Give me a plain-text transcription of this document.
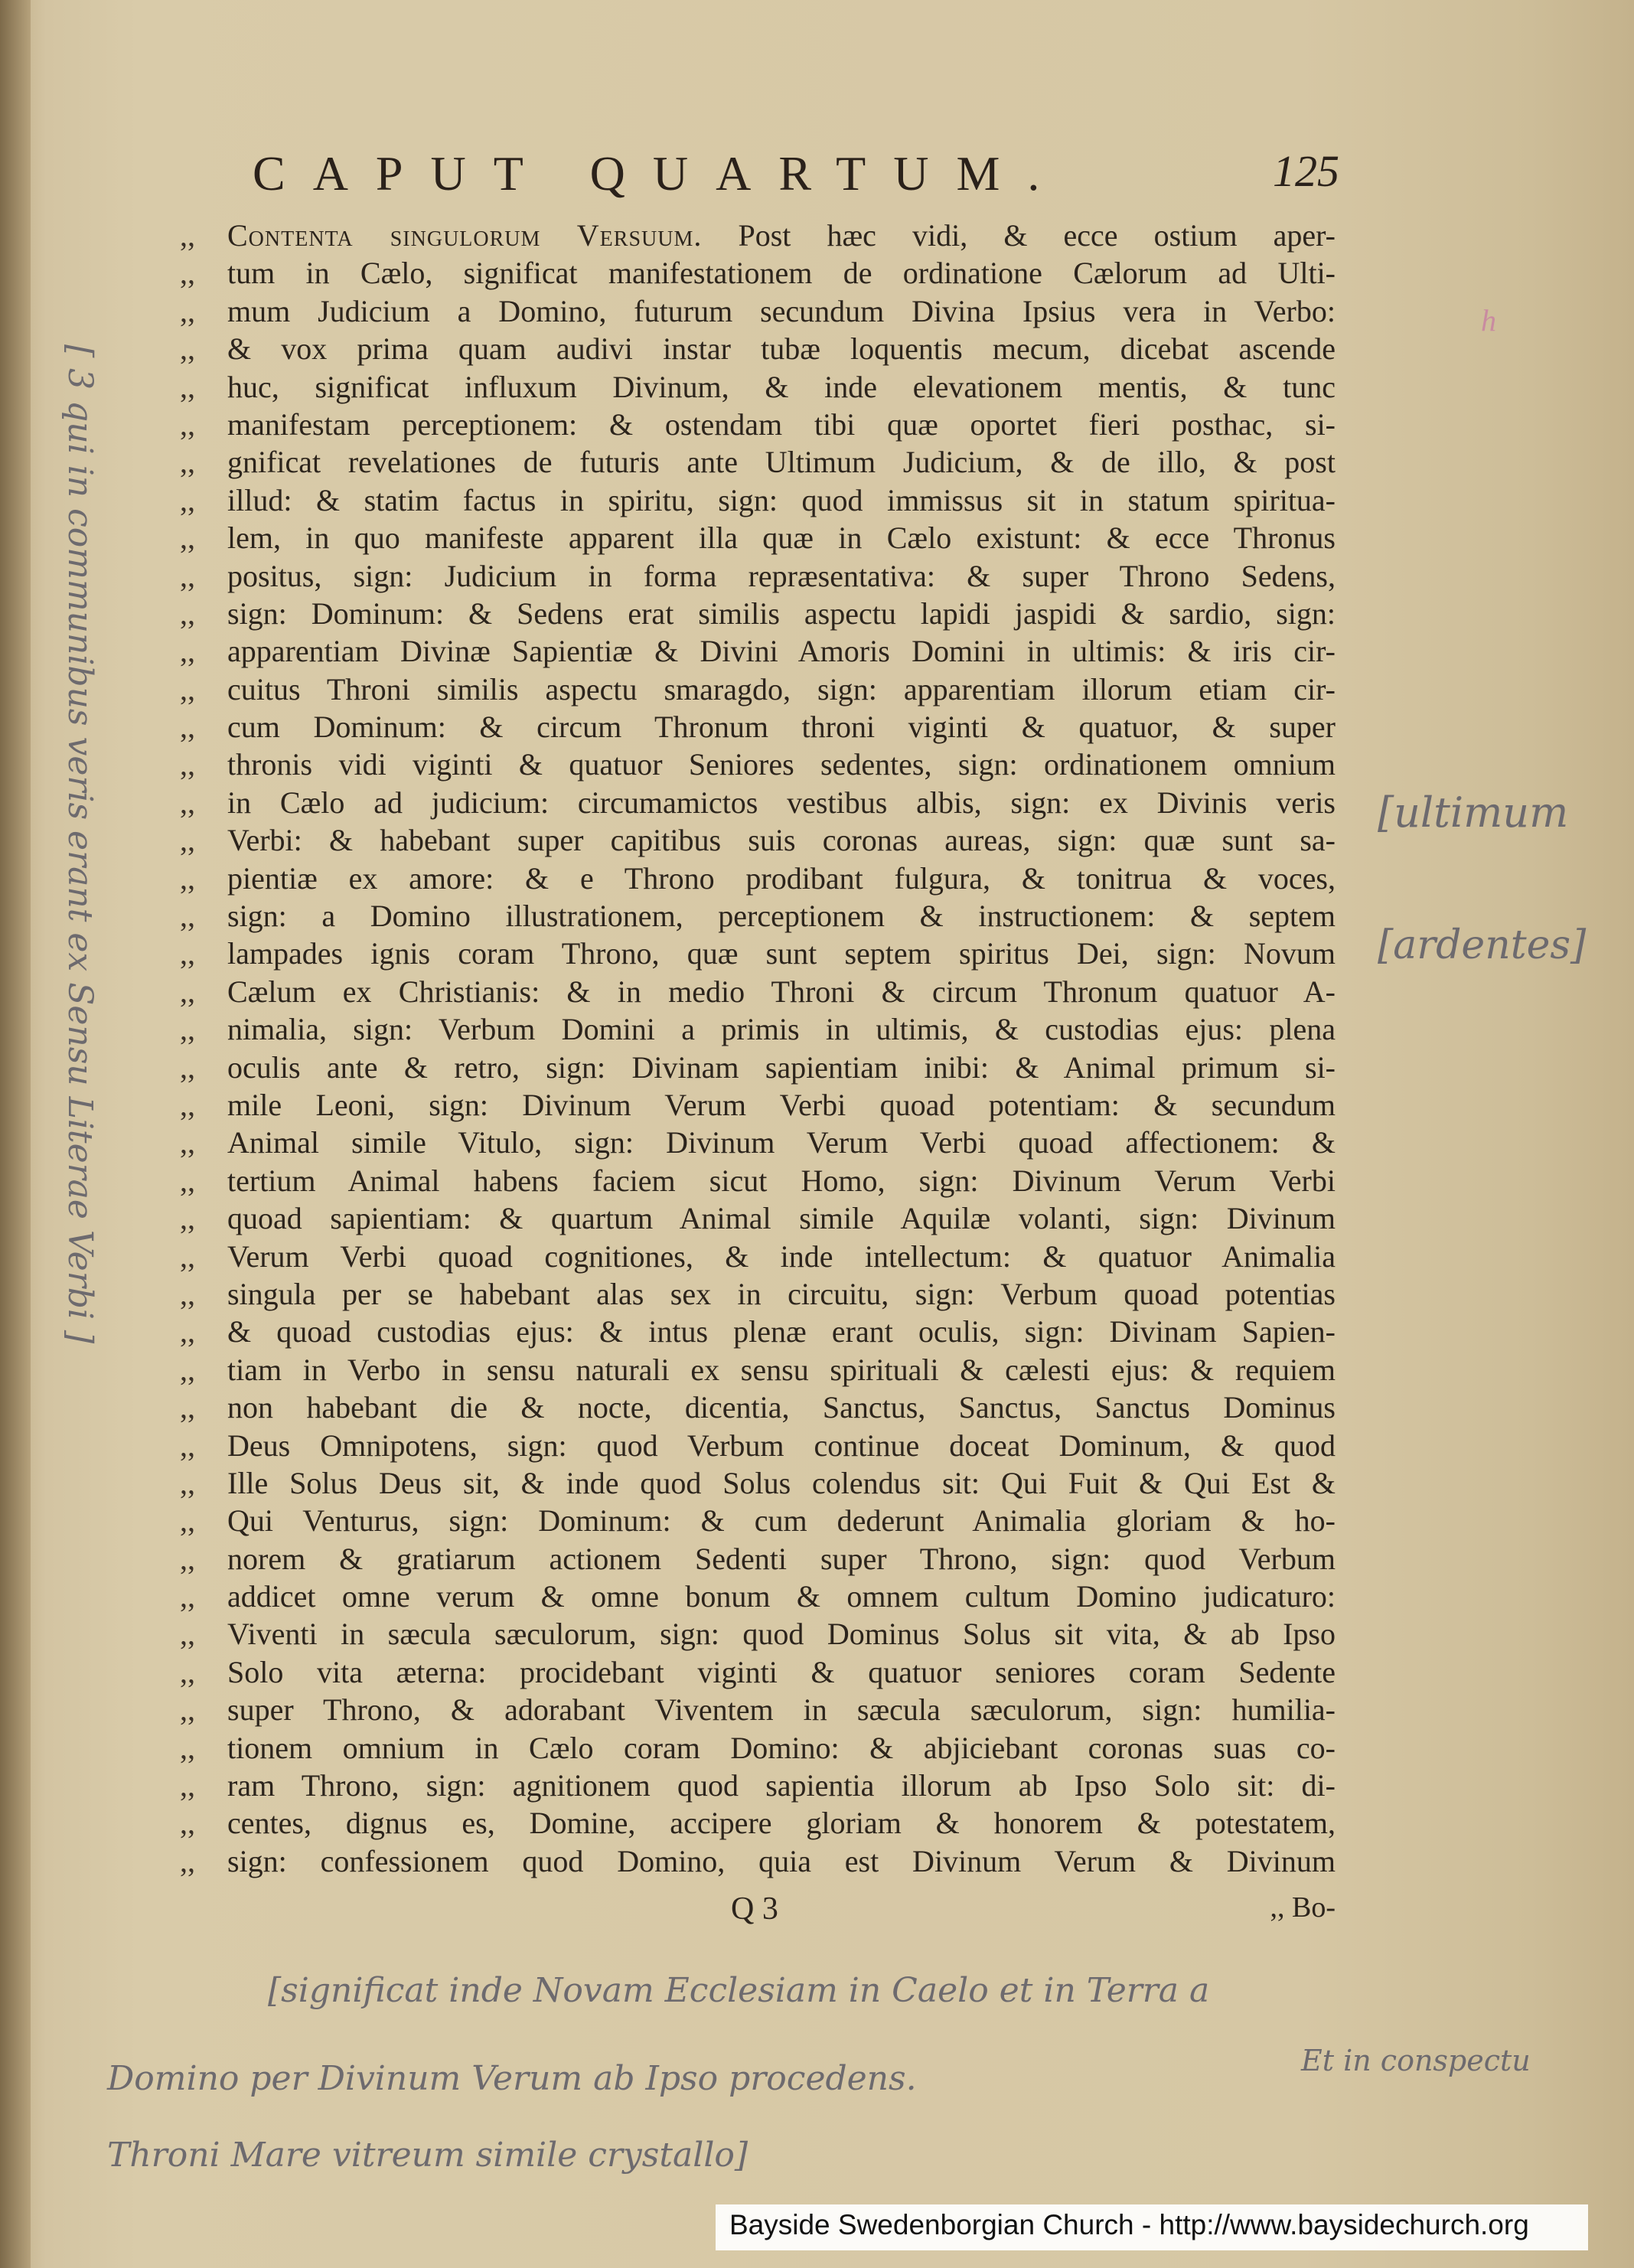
CAPUT QUARTUM.	125
,,	Contenta singulorum Versuum. Post hæc vidi, & ecce ostium aper-
,,	tum in Cælo, significat manifestationem de ordinatione Cælorum ad Ulti-
,,	mum Judicium a Domino, futurum secundum Divina Ipsius vera in Verbo:
,,	& vox prima quam audivi instar tubæ loquentis mecum, dicebat ascende
,,	huc, significat influxum Divinum, & inde elevationem mentis, & tunc
,,	manifestam perceptionem: & ostendam tibi quæ oportet fieri posthac, si-
,,	gnificat revelationes de futuris ante Ultimum Judicium, & de illo, & post
,,	illud: & statim factus in spiritu, sign: quod immissus sit in statum spiritua-
,,	lem, in quo manifeste apparent illa quæ in Cælo existunt: & ecce Thronus
,,	positus, sign: Judicium in forma repræsentativa: & super Throno Sedens,
,,	sign: Dominum: & Sedens erat similis aspectu lapidi jaspidi & sardio, sign:
,,	apparentiam Divinæ Sapientiæ & Divini Amoris Domini in ultimis: & iris cir-
,,	cuitus Throni similis aspectu smaragdo, sign: apparentiam illorum etiam cir-
,,	cum Dominum: & circum Thronum throni viginti & quatuor, & super
,,	thronis vidi viginti & quatuor Seniores sedentes, sign: ordinationem omnium
,,	in Cælo ad judicium: circumamictos vestibus albis, sign: ex Divinis veris
,,	Verbi: & habebant super capitibus suis coronas aureas, sign: quæ sunt sa-
,,	pientiæ ex amore: & e Throno prodibant fulgura, & tonitrua & voces,
,,	sign: a Domino illustrationem, perceptionem & instructionem: & septem
,,	lampades ignis coram Throno, quæ sunt septem spiritus Dei, sign: Novum
,,	Cælum ex Christianis: & in medio Throni & circum Thronum quatuor A-
,,	nimalia, sign: Verbum Domini a primis in ultimis, & custodias ejus: plena
,,	oculis ante & retro, sign: Divinam sapientiam inibi: & Animal primum si-
,,	mile Leoni, sign: Divinum Verum Verbi quoad potentiam: & secundum
,,	Animal simile Vitulo, sign: Divinum Verum Verbi quoad affectionem: &
,,	tertium Animal habens faciem sicut Homo, sign: Divinum Verum Verbi
,,	quoad sapientiam: & quartum Animal simile Aquilæ volanti, sign: Divinum
,,	Verum Verbi quoad cognitiones, & inde intellectum: & quatuor Animalia
,,	singula per se habebant alas sex in circuitu, sign: Verbum quoad potentias
,,	& quoad custodias ejus: & intus plenæ erant oculis, sign: Divinam Sapien-
,,	tiam in Verbo in sensu naturali ex sensu spirituali & cælesti ejus: & requiem
,,	non habebant die & nocte, dicentia, Sanctus, Sanctus, Sanctus Dominus
,,	Deus Omnipotens, sign: quod Verbum continue doceat Dominum, & quod
,,	Ille Solus Deus sit, & inde quod Solus colendus sit: Qui Fuit & Qui Est &
,,	Qui Venturus, sign: Dominum: & cum dederunt Animalia gloriam & ho-
,,	norem & gratiarum actionem Sedenti super Throno, sign: quod Verbum
,,	addicet omne verum & omne bonum & omnem cultum Domino judicaturo:
,,	Viventi in sæcula sæculorum, sign: quod Dominus Solus sit vita, & ab Ipso
,,	Solo vita æterna: procidebant viginti & quatuor seniores coram Sedente
,,	super Throno, & adorabant Viventem in sæcula sæculorum, sign: humilia-
,,	tionem omnium in Cælo coram Domino: & abjiciebant coronas suas co-
,,	ram Throno, sign: agnitionem quod sapientia illorum ab Ipso Solo sit: di-
,,	centes, dignus es, Domine, accipere gloriam & honorem & potestatem,
,,	sign: confessionem quod Domino, quia est Divinum Verum & Divinum
Q 3	,, Bo-
[ 3 qui in communibus veris erant ex Sensu Literae Verbi ]	[ultimum
[ardentes]
h
[significat inde Novam Ecclesiam in Caelo et in Terra a
Domino per Divinum Verum ab Ipso procedens.	Et in conspectu
Throni Mare vitreum simile crystallo]
Bayside Swedenborgian Church - http://www.baysidechurch.org
